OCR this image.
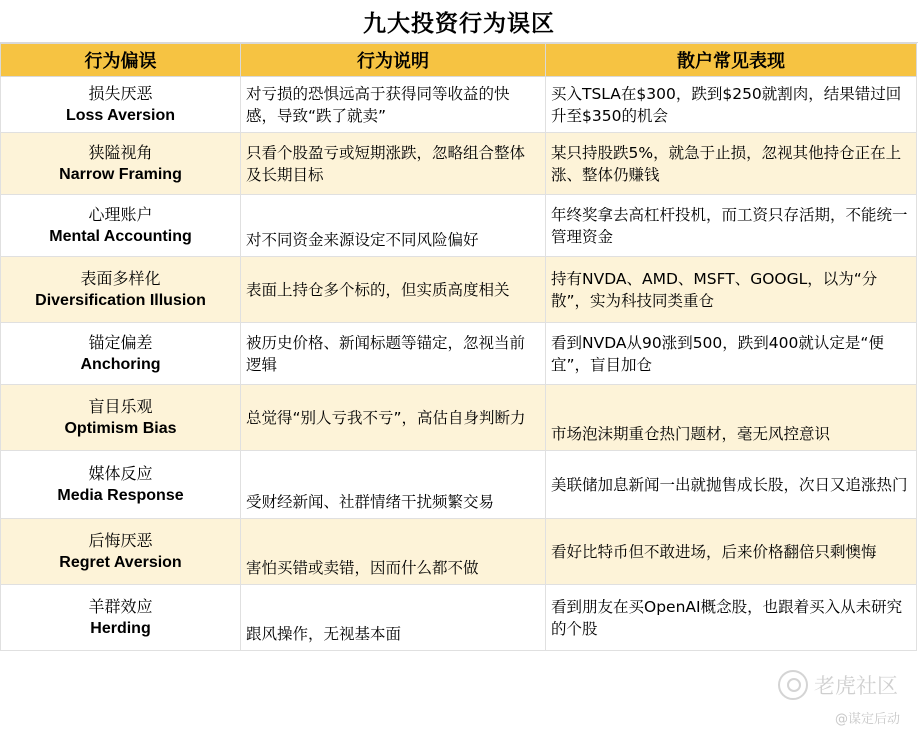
九大投资行为误区
行为偏误	行为说明	散户常见表现

损失厌恶
Loss Aversion	对亏损的恐惧远高于获得同等收益的快感，导致“跌了就卖”	买入TSLA在$300，跌到$250就割肉，结果错过回升至$350的机会

狭隘视角
Narrow Framing	只看个股盈亏或短期涨跌，忽略组合整体及长期目标	某只持股跌5%，就急于止损，忽视其他持仓正在上涨、整体仍赚钱

心理账户
Mental Accounting	对不同资金来源设定不同风险偏好	年终奖拿去高杠杆投机，而工资只存活期，不能统一管理资金

表面多样化
Diversification Illusion	表面上持仓多个标的，但实质高度相关	持有NVDA、AMD、MSFT、GOOGL，以为“分散”，实为科技同类重仓

锚定偏差
Anchoring	被历史价格、新闻标题等锚定，忽视当前逻辑	看到NVDA从90涨到500，跌到400就认定是“便宜”，盲目加仓

盲目乐观
Optimism Bias	总觉得“别人亏我不亏”，高估自身判断力	市场泡沫期重仓热门题材，毫无风控意识

媒体反应
Media Response	受财经新闻、社群情绪干扰频繁交易	美联储加息新闻一出就抛售成长股，次日又追涨热门

后悔厌恶
Regret Aversion	害怕买错或卖错，因而什么都不做	看好比特币但不敢进场，后来价格翻倍只剩懊悔

羊群效应
Herding	跟风操作，无视基本面	看到朋友在买OpenAI概念股，也跟着买入从未研究的个股
老虎社区
@谋定后动
